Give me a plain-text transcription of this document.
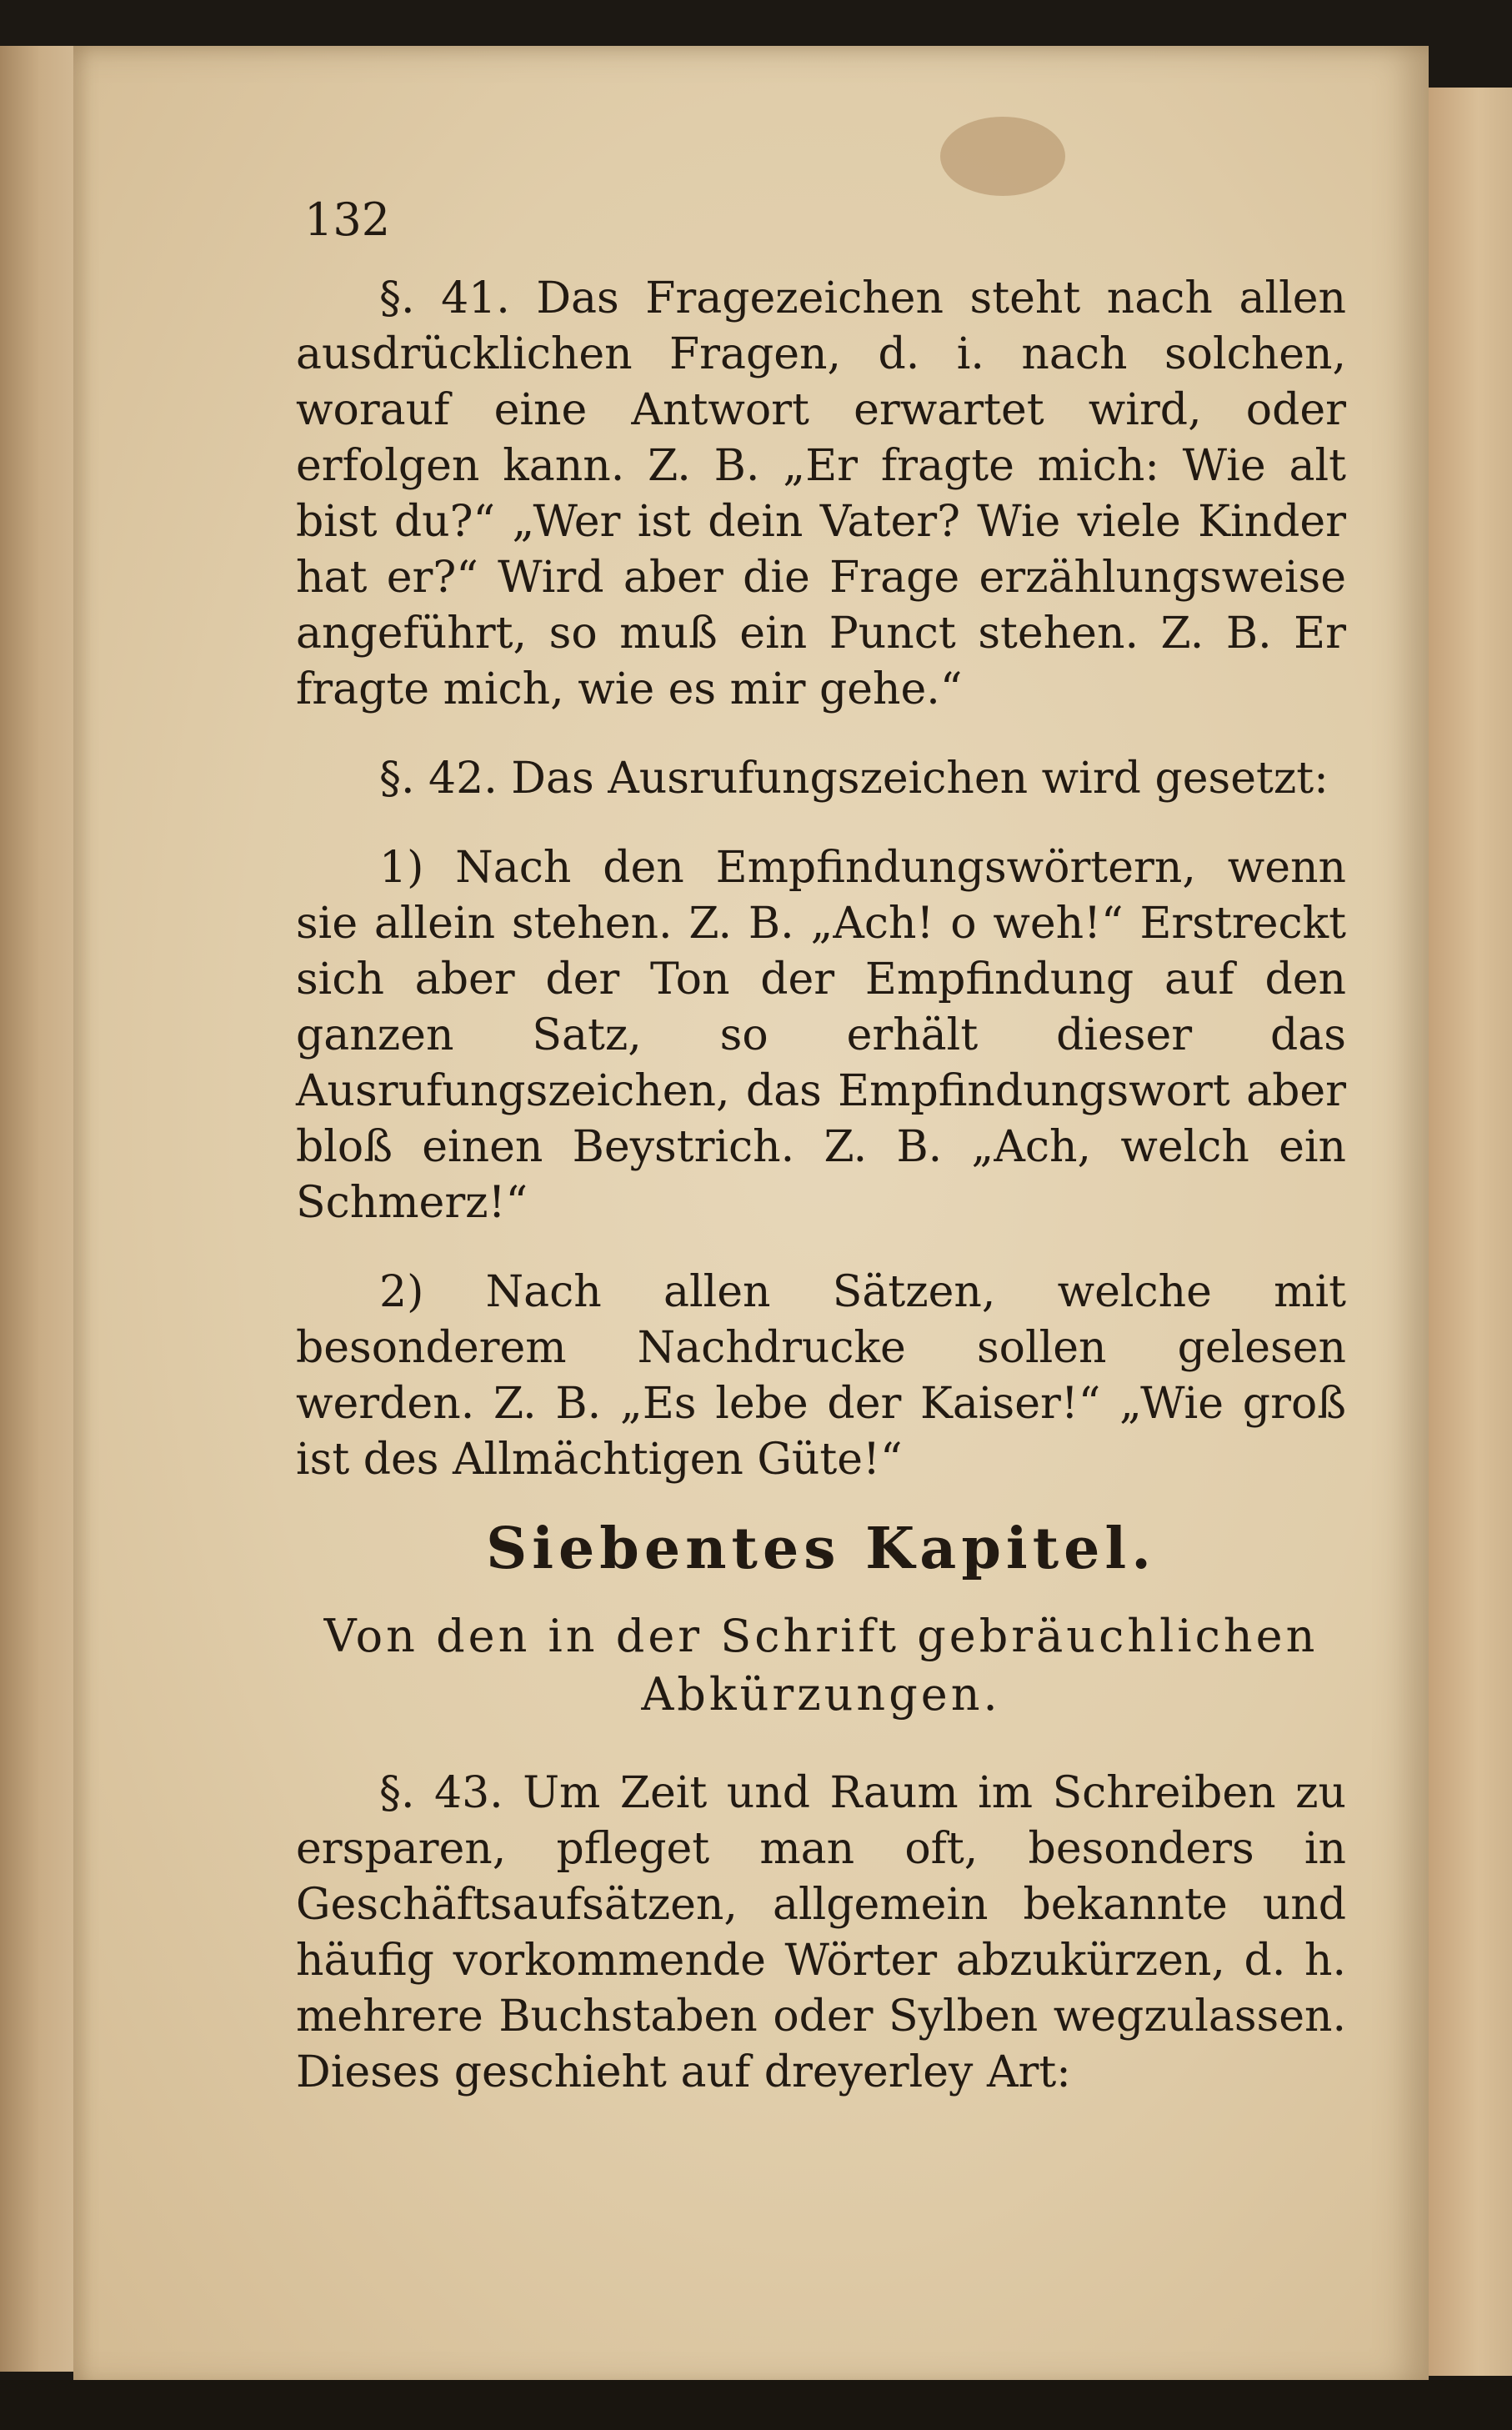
132

§. 41. Das Fragezeichen steht nach allen ausdrücklichen Fragen, d. i. nach solchen, worauf eine Antwort erwartet wird, oder erfolgen kann. Z. B. „Er fragte mich: Wie alt bist du?“ „Wer ist dein Vater? Wie viele Kinder hat er?“ Wird aber die Frage erzählungsweise angeführt, so muß ein Punct stehen. Z. B. Er fragte mich, wie es mir gehe.“

§. 42. Das Ausrufungszeichen wird gesetzt:

1) Nach den Empfindungswörtern, wenn sie allein stehen. Z. B. „Ach! o weh!“ Erstreckt sich aber der Ton der Empfindung auf den ganzen Satz, so erhält dieser das Ausrufungszeichen, das Empfindungswort aber bloß einen Beystrich. Z. B. „Ach, welch ein Schmerz!“

2) Nach allen Sätzen, welche mit besonderem Nachdrucke sollen gelesen werden. Z. B. „Es lebe der Kaiser!“ „Wie groß ist des Allmächtigen Güte!“

Siebentes Kapitel.
Von den in der Schrift gebräuchlichen Abkürzungen.

§. 43. Um Zeit und Raum im Schreiben zu ersparen, pfleget man oft, besonders in Geschäftsaufsätzen, allgemein bekannte und häufig vorkommende Wörter abzukürzen, d. h. mehrere Buchstaben oder Sylben wegzulassen. Dieses geschieht auf dreyerley Art:
